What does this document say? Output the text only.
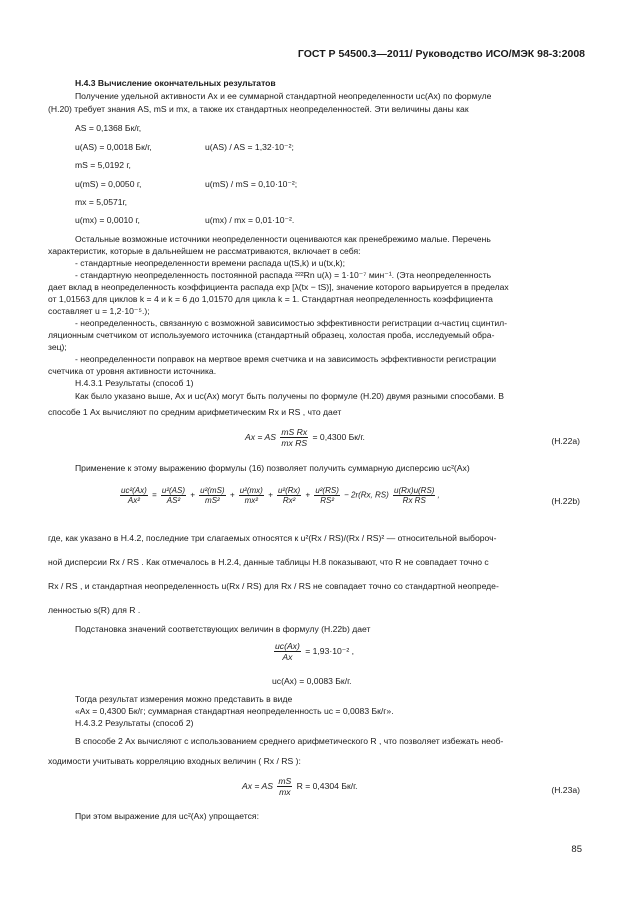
ГОСТ Р 54500.3—2011/ Руководство ИСО/МЭК 98-3:2008
Н.4.3 Вычисление окончательных результатов
Получение удельной активности Ax и ее суммарной стандартной неопределенности uc(Ax) по формуле
(Н.20) требует знания AS, mS и mx, а также их стандартных неопределенностей. Эти величины даны как
AS = 0,1368 Бк/г,
u(AS) = 0,0018 Бк/г,	u(AS) / AS = 1,32·10⁻²;
mS = 5,0192 г,
u(mS) = 0,0050 г,	u(mS) / mS = 0,10·10⁻²;
mx = 5,0571г,
u(mx) = 0,0010 г,	u(mx) / mx = 0,01·10⁻².
Остальные возможные источники неопределенности оцениваются как пренебрежимо малые. Перечень
характеристик, которые в дальнейшем не рассматриваются, включает в себя:
- стандартные неопределенности времени распада u(tS,k) и u(tx,k);
- стандартную неопределенность постоянной распада ²²²Rn u(λ) = 1·10⁻⁷ мин⁻¹. (Эта неопределенность
дает вклад в неопределенность коэффициента распада exp [λ(tx − tS)], значение которого варьируется в пределах
от 1,01563 для циклов k = 4 и k = 6 до 1,01570 для цикла k = 1. Стандартная неопределенность коэффициента
составляет u = 1,2·10⁻⁵.);
- неопределенность, связанную с возможной зависимостью эффективности регистрации α-частиц сцинтил-
ляционным счетчиком от используемого источника (стандартный образец, холостая проба, исследуемый обра-
зец);
- неопределенности поправок на мертвое время счетчика и на зависимость эффективности регистрации
счетчика от уровня активности источника.
Н.4.3.1 Результаты (способ 1)
Как было указано выше, Ax и uc(Ax) могут быть получены по формуле (Н.20) двумя разными способами. В
способе 1 Ax вычисляют по средним арифметическим Rx и RS , что дает
Ax = AS $\frac{\text{mS Rx}}{\text{mx RS}} = 0,4300$ Бк/г.	(Н.22а)
Применение к этому выражению формулы (16) позволяет получить суммарную дисперсию uc²(Ax)
$\frac{\text{uc²(Ax)}}{\text{Ax²}} = \frac{\text{u²(AS)}}{\text{AS²}} + \frac{\text{u²(mS)}}{\text{mS²}} + \frac{\text{u²(mx)}}{\text{mx²}} + \frac{\text{u²(Rx)}}{\text{Rx²}} + \frac{\text{u²(RS)}}{\text{RS²}} - 2r(Rx$, $RS) \frac{u(Rx)u(RS)}{\text{Rx RS}}$ ,
(Н.22b)
где, как указано в Н.4.2, последние три слагаемых относятся к u²(Rx / RS)/(Rx / RS)² — относительной выбороч-
ной дисперсии Rx / RS . Как отмечалось в Н.2.4, данные таблицы Н.8 показывают, что R не совпадает точно с
Rx / RS , и стандартная неопределенность u(Rx / RS) для Rx / RS не совпадает точно со стандартной неопреде-
ленностью s(R) для R .
Подстановка значений соответствующих величин в формулу (Н.22b) дает
$\frac{uc(Ax)}{Ax} = 1,93\cdot 10^{-2}$ ,
uc(Ax) = 0,0083 Бк/г.
Тогда результат измерения можно представить в виде
«Ax = 0,4300 Бк/г; суммарная стандартная неопределенность uc = 0,0083 Бк/г».
Н.4.3.2 Результаты (способ 2)
В способе 2 Ax вычисляют с использованием среднего арифметического R , что позволяет избежать необ-
ходимости учитывать корреляцию входных величин ( Rx / RS ):
Ax = AS $\frac{mS}{mx}$ R = 0,4304 Бк/г.	(Н.23а)
При этом выражение для uc²(Ax) упрощается:
85
